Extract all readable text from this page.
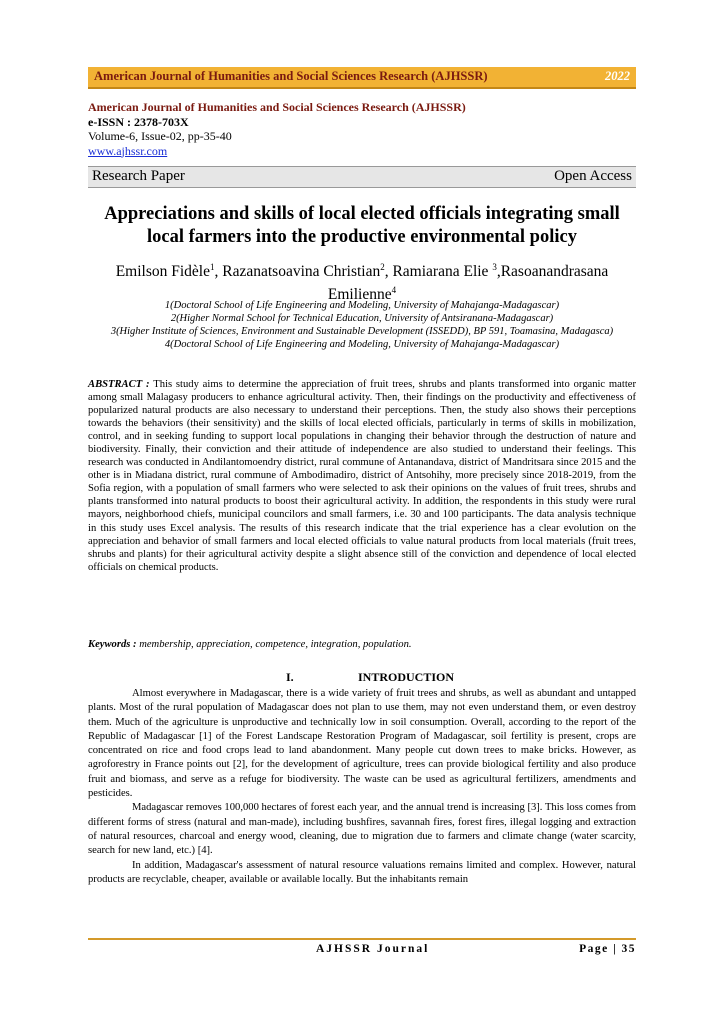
American Journal of Humanities and Social Sciences Research (AJHSSR)	2022
American Journal of Humanities and Social Sciences Research (AJHSSR)
e-ISSN : 2378-703X
Volume-6, Issue-02, pp-35-40
www.ajhssr.com
Research Paper	Open Access
Appreciations and skills of local elected officials integrating small local farmers into the productive environmental policy
Emilson Fidèle$^1$, Razanatsoavina Christian$^2$, Ramiarana Elie $^3$,Rasoanandrasana Emilienne$^4$
1(Doctoral School of Life Engineering and Modeling, University of Mahajanga-Madagascar)
2(Higher Normal School for Technical Education, University of Antsiranana-Madagascar)
3(Higher Institute of Sciences, Environment and Sustainable Development (ISSEDD), BP 591, Toamasina, Madagasca)
4(Doctoral School of Life Engineering and Modeling, University of Mahajanga-Madagascar)
ABSTRACT : This study aims to determine the appreciation of fruit trees, shrubs and plants transformed into organic matter among small Malagasy producers to enhance agricultural activity. Then, their findings on the productivity and effectiveness of popularized natural products are also necessary to understand their perceptions. Then, the study also shows their perceptions towards the behaviors (their sensitivity) and the skills of local elected officials, particularly in terms of skills in mobilization, control, and in seeking funding to support local populations in changing their behavior through the destruction of nature and biodiversity. Finally, their conviction and their attitude of independence are also studied to understand their feelings. This research was conducted in Andilantomoendry district, rural commune of Antanandava, district of Mandritsara since 2015 and the other is in Miadana district, rural commune of Ambodimadiro, district of Antsohihy, more precisely since 2018-2019, from the Sofia region, with a population of small farmers who were selected to ask their opinions on the values of fruit trees, shrubs and plants transformed into natural products to boost their agricultural activity. In addition, the respondents in this study were rural mayors, neighborhood chiefs, municipal councilors and small farmers, i.e. 30 and 100 participants. The data analysis technique in this study uses Excel analysis. The results of this research indicate that the trial experience has a clear evolution on the appreciation and behavior of small farmers and local elected officials to value natural products from local materials (fruit trees, shrubs and plants) for their agricultural activity despite a slight absence still of the conviction and dependence of local elected officials on chemical products.
Keywords : membership, appreciation, competence, integration, population.
I.	INTRODUCTION

Almost everywhere in Madagascar, there is a wide variety of fruit trees and shrubs, as well as abundant and untapped plants. Most of the rural population of Madagascar does not plan to use them, may not even understand them, or even destroy them. Much of the agriculture is unproductive and technically low in soil consumption. Overall, according to the report of the Republic of Madagascar [1] of the Forest Landscape Restoration Program of Madagascar, soil fertility is present, crops are concentrated on rice and food crops lead to land abandonment. Many people cut down trees to make bricks. However, as agroforestry in France points out [2], for the development of agriculture, trees can provide biological fertility and also produce fruit and biomass, and serve as a refuge for biodiversity. The waste can be used as agricultural fertilizers, amendments and pesticides.

Madagascar removes 100,000 hectares of forest each year, and the annual trend is increasing [3]. This loss comes from different forms of stress (natural and man-made), including bushfires, savannah fires, forest fires, illegal logging and extraction of natural resources, charcoal and energy wood, cleaning, due to migration due to farmers and climate change (water scarcity, search for new land, etc.) [4].

In addition, Madagascar's assessment of natural resource valuations remains limited and complex. However, natural products are recyclable, cheaper, available or available locally. But the inhabitants remain

AJHSSR Journal	Page | 35
